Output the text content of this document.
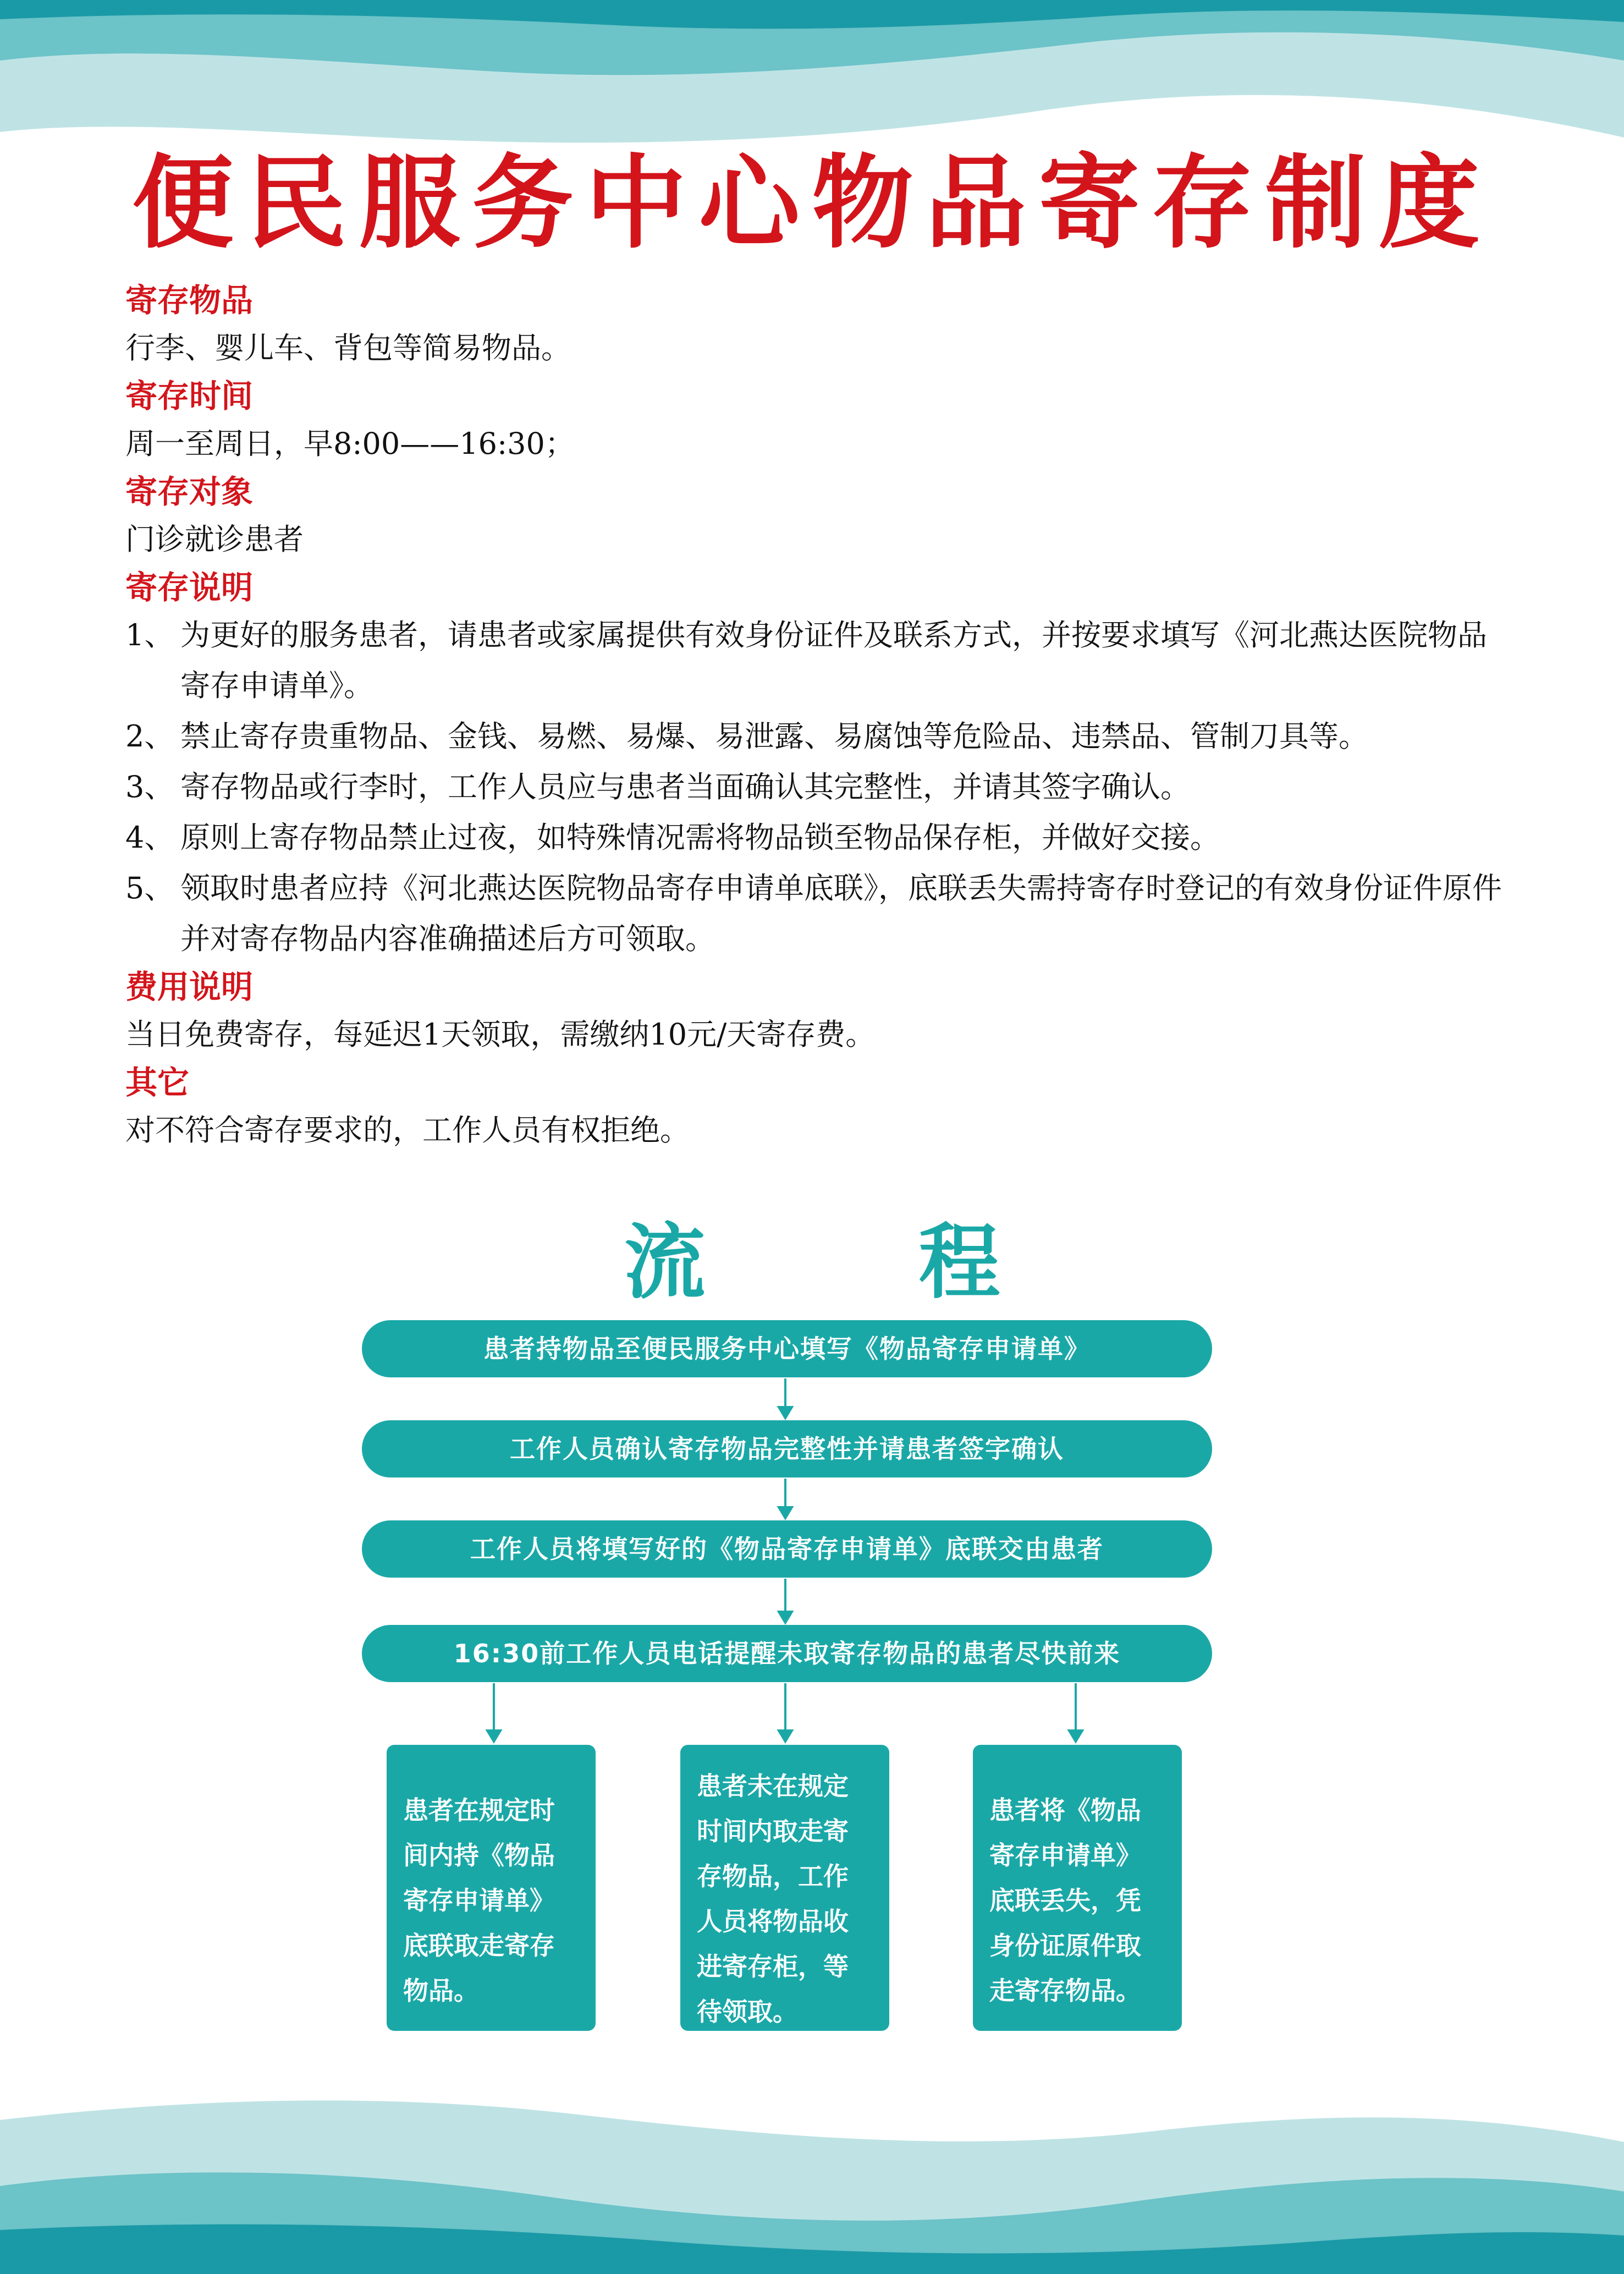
便民服务中心物品寄存制度
寄存物品
行李、婴儿车、背包等简易物品。
寄存时间
周一至周日，早8:00——16:30；
寄存对象
门诊就诊患者
寄存说明
1、 为更好的服务患者，请患者或家属提供有效身份证件及联系方式，并按要求填写《河北燕达医院物品寄存申请单》。
2、 禁止寄存贵重物品、金钱、易燃、易爆、易泄露、易腐蚀等危险品、违禁品、管制刀具等。
3、 寄存物品或行李时，工作人员应与患者当面确认其完整性，并请其签字确认。
4、 原则上寄存物品禁止过夜，如特殊情况需将物品锁至物品保存柜，并做好交接。
5、 领取时患者应持《河北燕达医院物品寄存申请单底联》，底联丢失需持寄存时登记的有效身份证件原件并对寄存物品内容准确描述后方可领取。
费用说明
当日免费寄存，每延迟1天领取，需缴纳10元/天寄存费。
其它
对不符合寄存要求的，工作人员有权拒绝。
流　程
患者持物品至便民服务中心填写《物品寄存申请单》
工作人员确认寄存物品完整性并请患者签字确认
工作人员将填写好的《物品寄存申请单》底联交由患者
16:30前工作人员电话提醒未取寄存物品的患者尽快前来
患者在规定时间内持《物品寄存申请单》底联取走寄存物品。
患者未在规定时间内取走寄存物品，工作人员将物品收进寄存柜，等待领取。
患者将《物品寄存申请单》底联丢失，凭身份证原件取走寄存物品。
